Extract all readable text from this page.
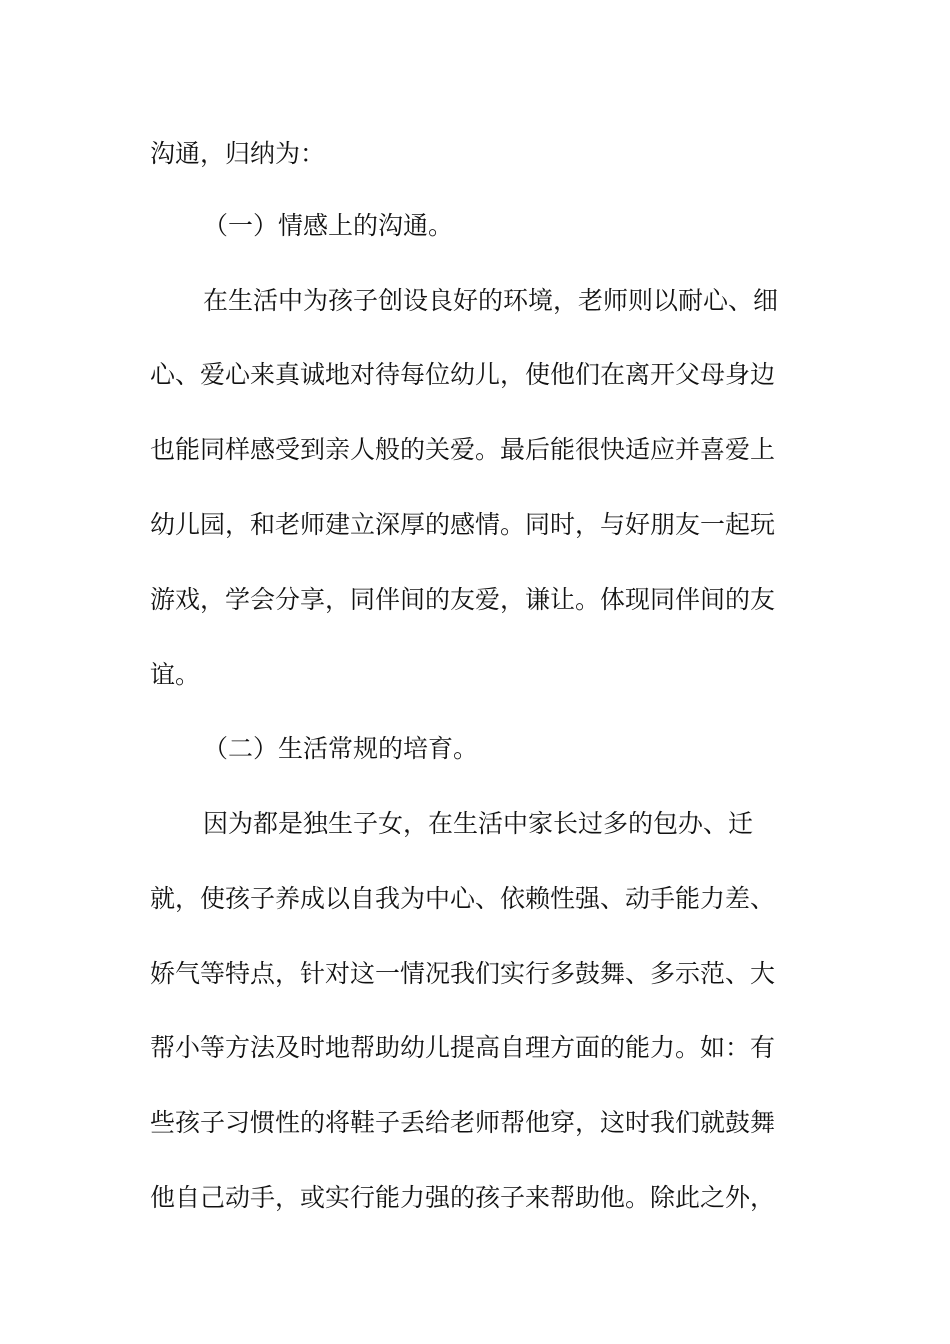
沟通，归纳为：
（一）情感上的沟通。
在生活中为孩子创设良好的环境，老师则以耐心、细
心、爱心来真诚地对待每位幼儿，使他们在离开父母身边
也能同样感受到亲人般的关爱。最后能很快适应并喜爱上
幼儿园，和老师建立深厚的感情。同时，与好朋友一起玩
游戏，学会分享，同伴间的友爱，谦让。体现同伴间的友
谊。
（二）生活常规的培育。
因为都是独生子女，在生活中家长过多的包办、迁
就，使孩子养成以自我为中心、依赖性强、动手能力差、
娇气等特点，针对这一情况我们实行多鼓舞、多示范、大
帮小等方法及时地帮助幼儿提高自理方面的能力。如：有
些孩子习惯性的将鞋子丢给老师帮他穿，这时我们就鼓舞
他自己动手，或实行能力强的孩子来帮助他。除此之外，
